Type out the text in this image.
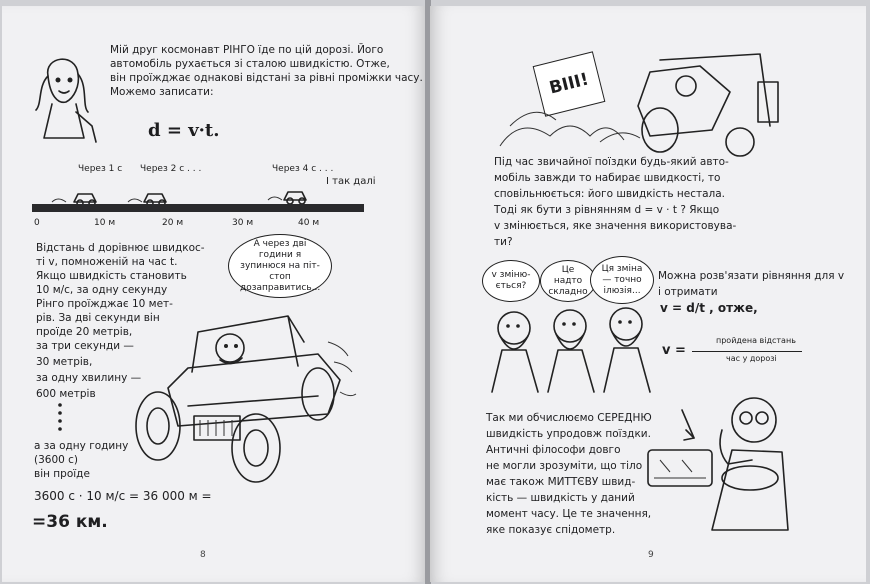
Мій друг космонавт РІНГО їде по цій дорозі. Його
автомобіль рухається зі сталою швидкістю. Отже,
він проїжджає однакові відстані за рівні проміжки часу.
Можемо записати:
d = v·t.
Через 1 с Через 2 с . . .	Через 4 с . . .
І так далі
0	10 м	20 м	30 м	40 м
Відстань d дорівнює швидкос-
ті v, помноженій на час t.
Якщо швидкість становить
10 м/с, за одну секунду
Рінго проїжджає 10 мет-
рів. За дві секунди він
проїде 20 метрів,
за три секунди —
30 метрів,
за одну хвилину —
600 метрів
а за одну годину
(3600 с)
він проїде
3600 с · 10 м/с = 36 000 м =
=36 км.
А через дві години я зупинюся на піт-стоп дозаправитись...
8
ВІІІ!
Під час звичайної поїздки будь-який авто-
мобіль завжди то набирає швидкості, то
сповільнюється: його швидкість нестала.
Тоді як бути з рівнянням d = v · t ? Якщо
v змінюється, яке значення використовува-
ти?
v зміню-ється?
Це надто складно
Ця зміна — точно ілюзія...
Можна розв'язати рівняння для v
і отримати
v = d/t , отже,
v =
пройдена відстань
час у дорозі
Так ми обчислюємо СЕРЕДНЮ
швидкість упродовж поїздки.
Античні філософи довго
не могли зрозуміти, що тіло
має також МИТТЄВУ швид-
кість — швидкість у даний
момент часу. Це те значення,
яке показує спідометр.
9
